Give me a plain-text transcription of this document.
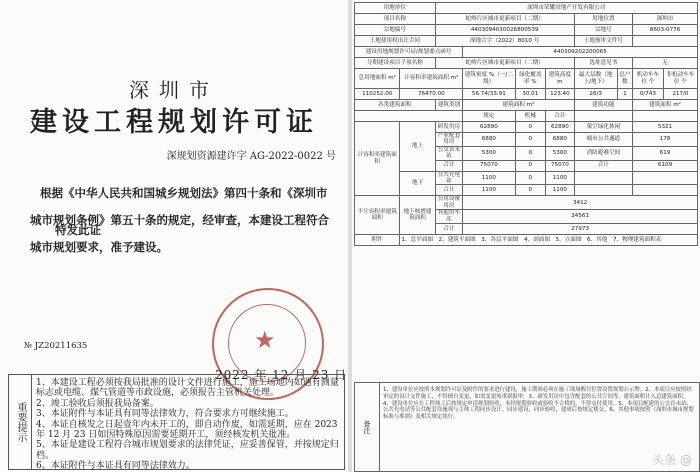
深圳市
建设工程规划许可证
深规划资源建许字 AG-2022-0022 号
根据《中华人民共和国城乡规划法》第四十条和《深圳市城市规划条例》第五十条的规定，经审查，本建设工程符合城市规划要求，准予建设。
特发此证
★
2022 年 12 月 23 日
№ JZ20211635
重要提示
1、本建设工程必须按我局批准的设计文件进行施工，施工场地内如遇有测量标志或电缆、煤气管道等市政设施，必须报告主管机关处理。
2、竣工验收后须报我局备案。
3、本证附件与本证具有同等法律效力，符合要求方可继续施工。
4、本证自核发之日起壹年内未开工的，即自动作废，如需延期，应在 2023 年 12 月 23 日如因特殊原因需要延期开工，须经核发机关批准。
5、本证是建设工程符合城市规划要求的法律凭证，应妥善保管，并按规定归档。
6、本证附件与本证具有同等法律效力。
用地单位		深圳市荣耀房地产开发有限公司							
项目名称		蛇岭片区城市更新项目（二期）				用地位置		深圳市	
宗地编号		4403094030026800539				宗地号		8603-0776	
土地使用权出让合同		深地合字（2022）8010 号				土地预审文件号			
建设用地规划许可证/规划要点函号			440309202200065						
分期建设项目子项名称		蛇岭片区城市更新项目（二期）				选址意见书		无	
总用地面积 m²	计容积率建筑面积 m²		建筑密度 %（一/二级）	绿化覆盖率 %	建筑高度 m	最大层数（地上/地下）	总户数	机动车车位 个	非机动车车位 个
110252.00	76470.00		56.74/33.91	30.01	123.40	26/3	1	0/743	217/0
各类建筑面积		建筑类别	建筑面积 m²			建筑功能		建筑面积 m²	
			规定	机械	合计				
计容积率建筑面积	地上	研发用房	62890	0	62890	架空绿化休闲		5321	
		产业配套用房	6880	0	6880	城市公共通道		178	
		公交首末站	5300	0	5300	消防避难空间		619	
		合计	75070	0	75070	合计		6109	
	地下	公共充电站	1100	0	1100				
		合计	1100	0	1100				
不计容积率建筑面积	地下核增建筑面积	公用设备用房	3412						
		其他用车库	24561						
		合计	27973						
附件	1、总平面图　2、建筑平面图　3、各层平面图　4、剖面图　5、立面图　6、其他　7、物理建筑面积表								
备注
1、建设单位应按照本规划许可证及附件的要求进行建设，施工期间必须在施工现场醒目位置设置规划公示牌。2、本项目应按照经审定的设计文件施工，不得擅自变更，如需变更须重新报审。3、研发用房中包含配套的公共空间等，建筑面积计入总建筑面积。4、建设单位应在工程竣工后按规定申请规划验收，未经规划验收或验收不合格的，不得交付使用。5、本项目配建的公交首末站、公共充电站等公共配套设施须与主体工程同步设计、同步建设、同步验收，建成后按规定移交。6、其他事项按照《深圳市城市规划标准与准则》及相关规定执行。
头条 @
